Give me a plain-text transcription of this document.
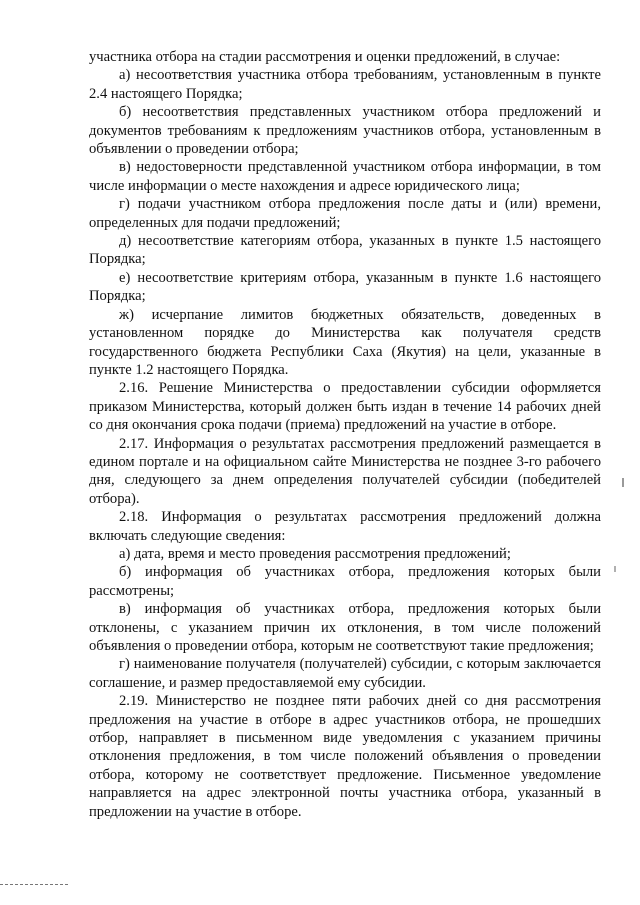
участника отбора на стадии рассмотрения и оценки предложений, в случае:

а) несоответствия участника отбора требованиям, установленным в пункте 2.4 настоящего Порядка;

б) несоответствия представленных участником отбора предложений и документов требованиям к предложениям участников отбора, установленным в объявлении о проведении отбора;

в) недостоверности представленной участником отбора информации, в том числе информации о месте нахождения и адресе юридического лица;

г) подачи участником отбора предложения после даты и (или) времени, определенных для подачи предложений;

д) несоответствие категориям отбора, указанных в пункте 1.5 настоящего Порядка;

е) несоответствие критериям отбора, указанным в пункте 1.6 настоящего Порядка;

ж) исчерпание лимитов бюджетных обязательств, доведенных в установленном порядке до Министерства как получателя средств государственного бюджета Республики Саха (Якутия) на цели, указанные в пункте 1.2 настоящего Порядка.

2.16. Решение Министерства о предоставлении субсидии оформляется приказом Министерства, который должен быть издан в течение 14 рабочих дней со дня окончания срока подачи (приема) предложений на участие в отборе.

2.17. Информация о результатах рассмотрения предложений размещается в едином портале и на официальном сайте Министерства не позднее 3-го рабочего дня, следующего за днем определения получателей субсидии (победителей отбора).

2.18. Информация о результатах рассмотрения предложений должна включать следующие сведения:

а) дата, время и место проведения рассмотрения предложений;

б) информация об участниках отбора, предложения которых были рассмотрены;

в) информация об участниках отбора, предложения которых были отклонены, с указанием причин их отклонения, в том числе положений объявления о проведении отбора, которым не соответствуют такие предложения;

г) наименование получателя (получателей) субсидии, с которым заключается соглашение, и размер предоставляемой ему субсидии.

2.19. Министерство не позднее пяти рабочих дней со дня рассмотрения предложения на участие в отборе в адрес участников отбора, не прошедших отбор, направляет в письменном виде уведомления с указанием причины отклонения предложения, в том числе положений объявления о проведении отбора, которому не соответствует предложение. Письменное уведомление направляется на адрес электронной почты участника отбора, указанный в предложении на участие в отборе.
